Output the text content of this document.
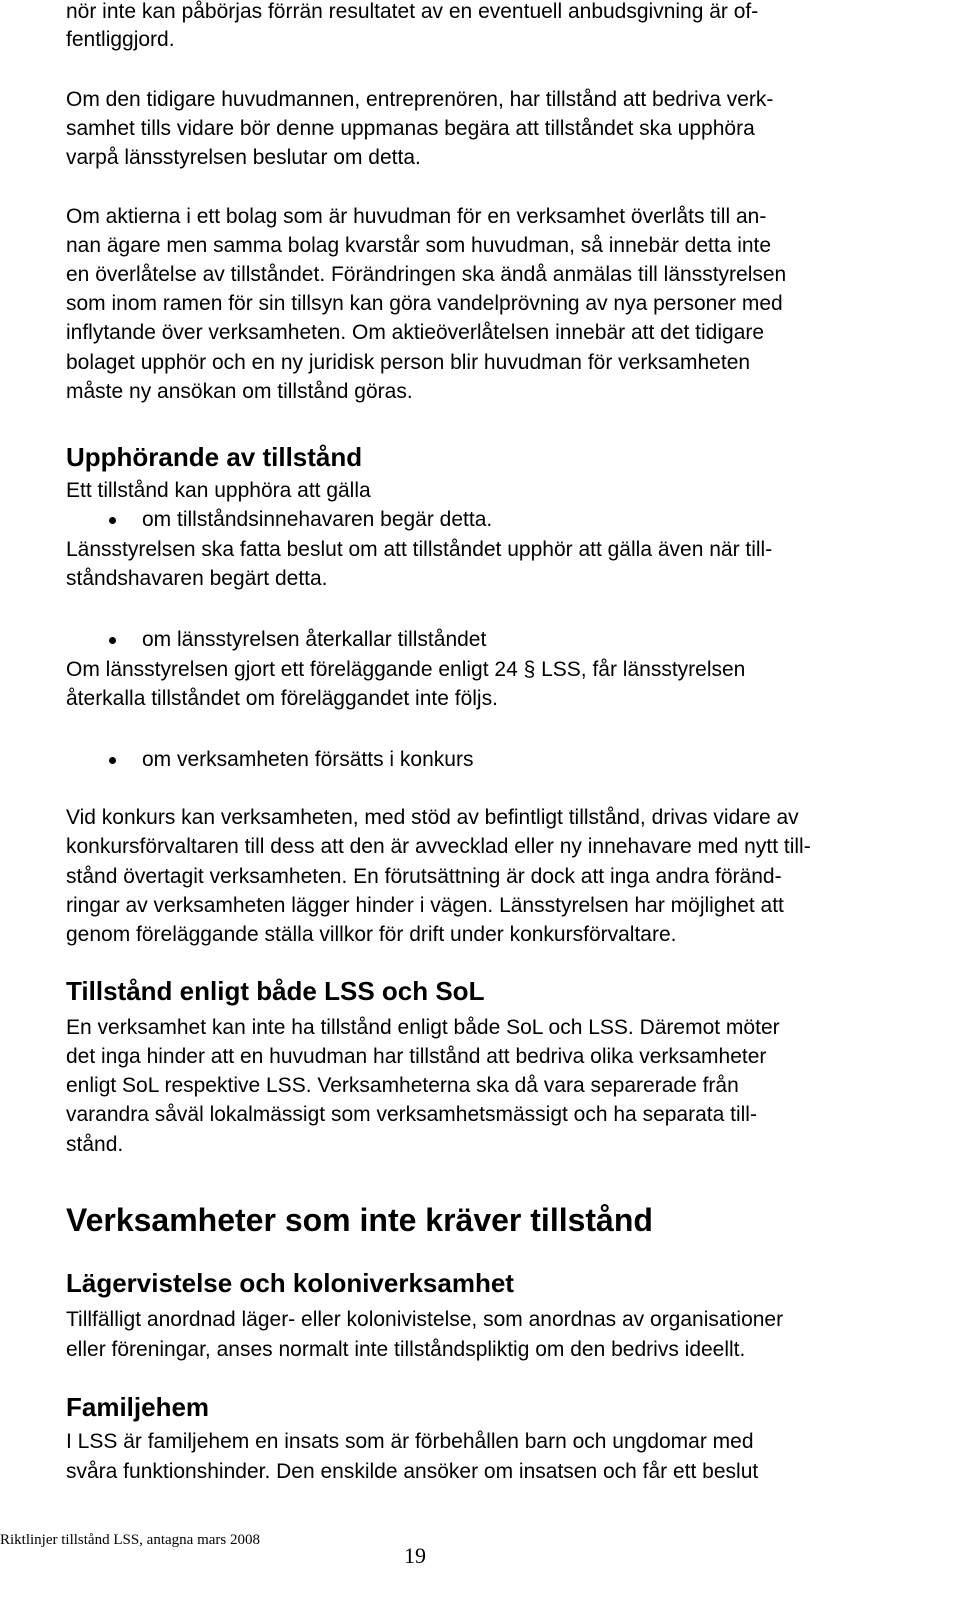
nör inte kan påbörjas förrän resultatet av en eventuell anbudsgivning är of-
fentliggjord.
Om den tidigare huvudmannen, entreprenören, har tillstånd att bedriva verk-
samhet tills vidare bör denne uppmanas begära att tillståndet ska upphöra
varpå länsstyrelsen beslutar om detta.
Om aktierna i ett bolag som är huvudman för en verksamhet överlåts till an-
nan ägare men samma bolag kvarstår som huvudman, så innebär detta inte
en överlåtelse av tillståndet. Förändringen ska ändå anmälas till länsstyrelsen
som inom ramen för sin tillsyn kan göra vandelprövning av nya personer med
inflytande över verksamheten. Om aktieöverlåtelsen innebär att det tidigare
bolaget upphör och en ny juridisk person blir huvudman för verksamheten
måste ny ansökan om tillstånd göras.
Upphörande av tillstånd
Ett tillstånd kan upphöra att gälla
om tillståndsinnehavaren begär detta.
Länsstyrelsen ska fatta beslut om att tillståndet upphör att gälla även när till-
ståndshavaren begärt detta.
om länsstyrelsen återkallar tillståndet
Om länsstyrelsen gjort ett föreläggande enligt 24 § LSS, får länsstyrelsen
återkalla tillståndet om föreläggandet inte följs.
om verksamheten försätts i konkurs
Vid konkurs kan verksamheten, med stöd av befintligt tillstånd, drivas vidare av
konkursförvaltaren till dess att den är avvecklad eller ny innehavare med nytt till-
stånd övertagit verksamheten. En förutsättning är dock att inga andra föränd-
ringar av verksamheten lägger hinder i vägen. Länsstyrelsen har möjlighet att
genom föreläggande ställa villkor för drift under konkursförvaltare.
Tillstånd enligt både LSS och SoL
En verksamhet kan inte ha tillstånd enligt både SoL och LSS. Däremot möter
det inga hinder att en huvudman har tillstånd att bedriva olika verksamheter
enligt SoL respektive LSS. Verksamheterna ska då vara separerade från
varandra såväl lokalmässigt som verksamhetsmässigt och ha separata till-
stånd.
Verksamheter som inte kräver tillstånd
Lägervistelse och koloniverksamhet
Tillfälligt anordnad läger- eller kolonivistelse, som anordnas av organisationer
eller föreningar, anses normalt inte tillståndspliktig om den bedrivs ideellt.
Familjehem
I LSS är familjehem en insats som är förbehållen barn och ungdomar med
svåra funktionshinder. Den enskilde ansöker om insatsen och får ett beslut
Riktlinjer tillstånd LSS, antagna mars 2008
19
